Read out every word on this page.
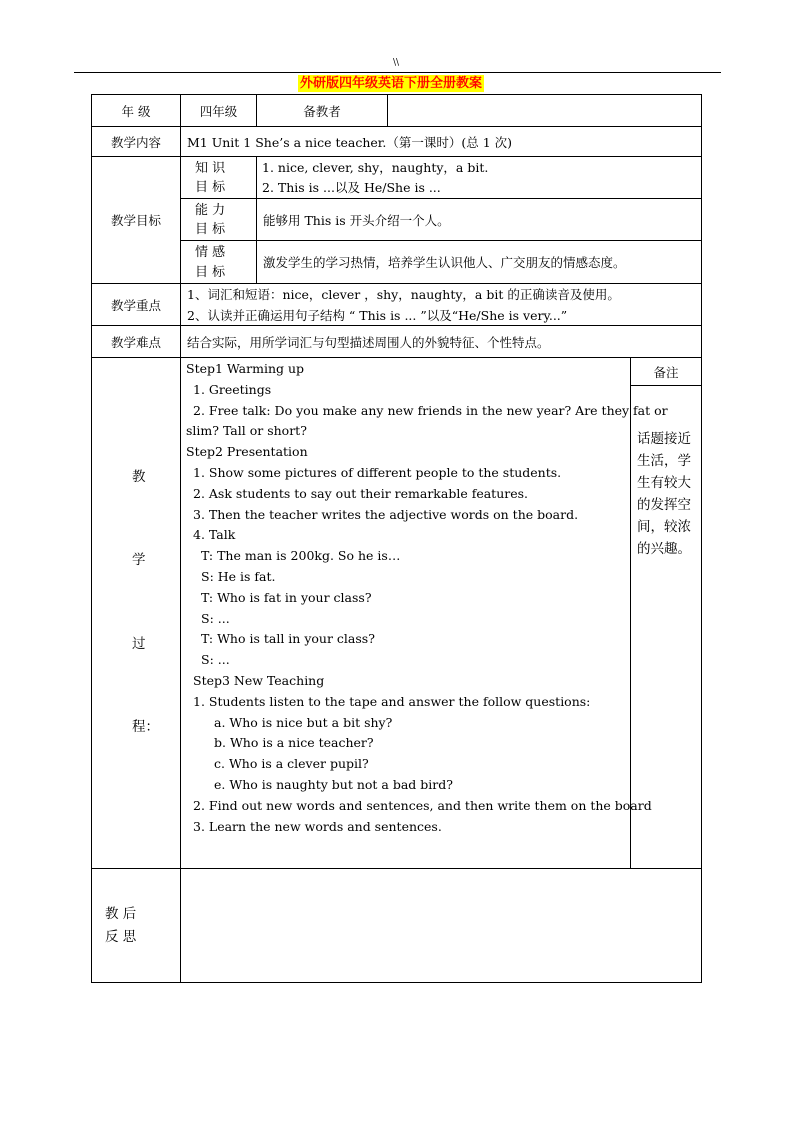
\\
外研版四年级英语下册全册教案
年 级	四年级	备教者
教学内容 M1 Unit 1 She’s a nice teacher.（第一课时）(总 1 次)
教学目标
知 识
目 标
1. nice, clever, shy，naughty，a bit.
2. This is ...以及 He/She is ...
能 力
目 标
能够用 This is 开头介绍一个人。
情 感
目 标
激发学生的学习热情，培养学生认识他人、广交朋友的情感态度。
教学重点
1、词汇和短语：nice，clever ，shy，naughty，a bit 的正确读音及使用。
2、认读并正确运用句子结构 “ This is ... ”以及“He/She is very...”
教学难点 结合实际，用所学词汇与句型描述周围人的外貌特征、个性特点。
教
学
过
程：
Step1 Warming up
1. Greetings
2. Free talk: Do you make any new friends in the new year? Are they fat or
slim? Tall or short?
Step2 Presentation
1. Show some pictures of different people to the students.
2. Ask students to say out their remarkable features.
3. Then the teacher writes the adjective words on the board.
4. Talk
T: The man is 200kg. So he is…
S: He is fat.
T: Who is fat in your class?
S: ...
T: Who is tall in your class?
S: ...
Step3 New Teaching
1. Students listen to the tape and answer the follow questions:
a. Who is nice but a bit shy?
b. Who is a nice teacher?
c. Who is a clever pupil?
e. Who is naughty but not a bad bird?
2. Find out new words and sentences, and then write them on the board
3. Learn the new words and sentences.
备注
话题接近
生活，学
生有较大
的发挥空
间，较浓
的兴趣。
教 后
反 思
